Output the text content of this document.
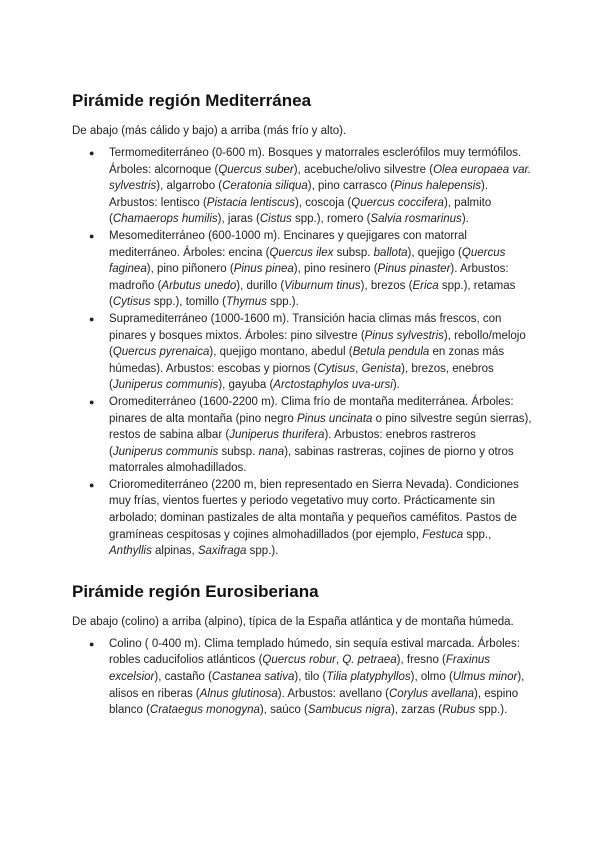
Pirámide región Mediterránea

De abajo (más cálido y bajo) a arriba (más frío y alto).

● Termomediterráneo (0-600 m). Bosques y matorrales esclerófilos muy termófilos. Árboles: alcornoque (Quercus suber), acebuche/olivo silvestre (Olea europaea var. sylvestris), algarrobo (Ceratonia siliqua), pino carrasco (Pinus halepensis). Arbustos: lentisco (Pistacia lentiscus), coscoja (Quercus coccifera), palmito (Chamaerops humilis), jaras (Cistus spp.), romero (Salvia rosmarinus).
● Mesomediterráneo (600-1000 m). Encinares y quejigares con matorral mediterráneo. Árboles: encina (Quercus ilex subsp. ballota), quejigo (Quercus faginea), pino piñonero (Pinus pinea), pino resinero (Pinus pinaster). Arbustos: madroño (Arbutus unedo), durillo (Viburnum tinus), brezos (Erica spp.), retamas (Cytisus spp.), tomillo (Thymus spp.).
● Supramediterráneo (1000-1600 m). Transición hacia climas más frescos, con pinares y bosques mixtos. Árboles: pino silvestre (Pinus sylvestris), rebollo/melojo (Quercus pyrenaica), quejigo montano, abedul (Betula pendula en zonas más húmedas). Arbustos: escobas y piornos (Cytisus, Genista), brezos, enebros (Juniperus communis), gayuba (Arctostaphylos uva-ursi).
● Oromediterráneo (1600-2200 m). Clima frío de montaña mediterránea. Árboles: pinares de alta montaña (pino negro Pinus uncinata o pino silvestre según sierras), restos de sabina albar (Juniperus thurifera). Arbustos: enebros rastreros (Juniperus communis subsp. nana), sabinas rastreras, cojines de piorno y otros matorrales almohadillados.
● Crioromediterráneo (2200 m, bien representado en Sierra Nevada). Condiciones muy frías, vientos fuertes y periodo vegetativo muy corto. Prácticamente sin arbolado; dominan pastizales de alta montaña y pequeños caméfitos. Pastos de gramíneas cespitosas y cojines almohadillados (por ejemplo, Festuca spp., Anthyllis alpinas, Saxifraga spp.).
Pirámide región Eurosiberiana

De abajo (colino) a arriba (alpino), típica de la España atlántica y de montaña húmeda.

● Colino ( 0-400 m). Clima templado húmedo, sin sequía estival marcada. Árboles: robles caducifolios atlánticos (Quercus robur, Q. petraea), fresno (Fraxinus excelsior), castaño (Castanea sativa), tilo (Tilia platyphyllos), olmo (Ulmus minor), alisos en riberas (Alnus glutinosa). Arbustos: avellano (Corylus avellana), espino blanco (Crataegus monogyna), saúco (Sambucus nigra), zarzas (Rubus spp.).
